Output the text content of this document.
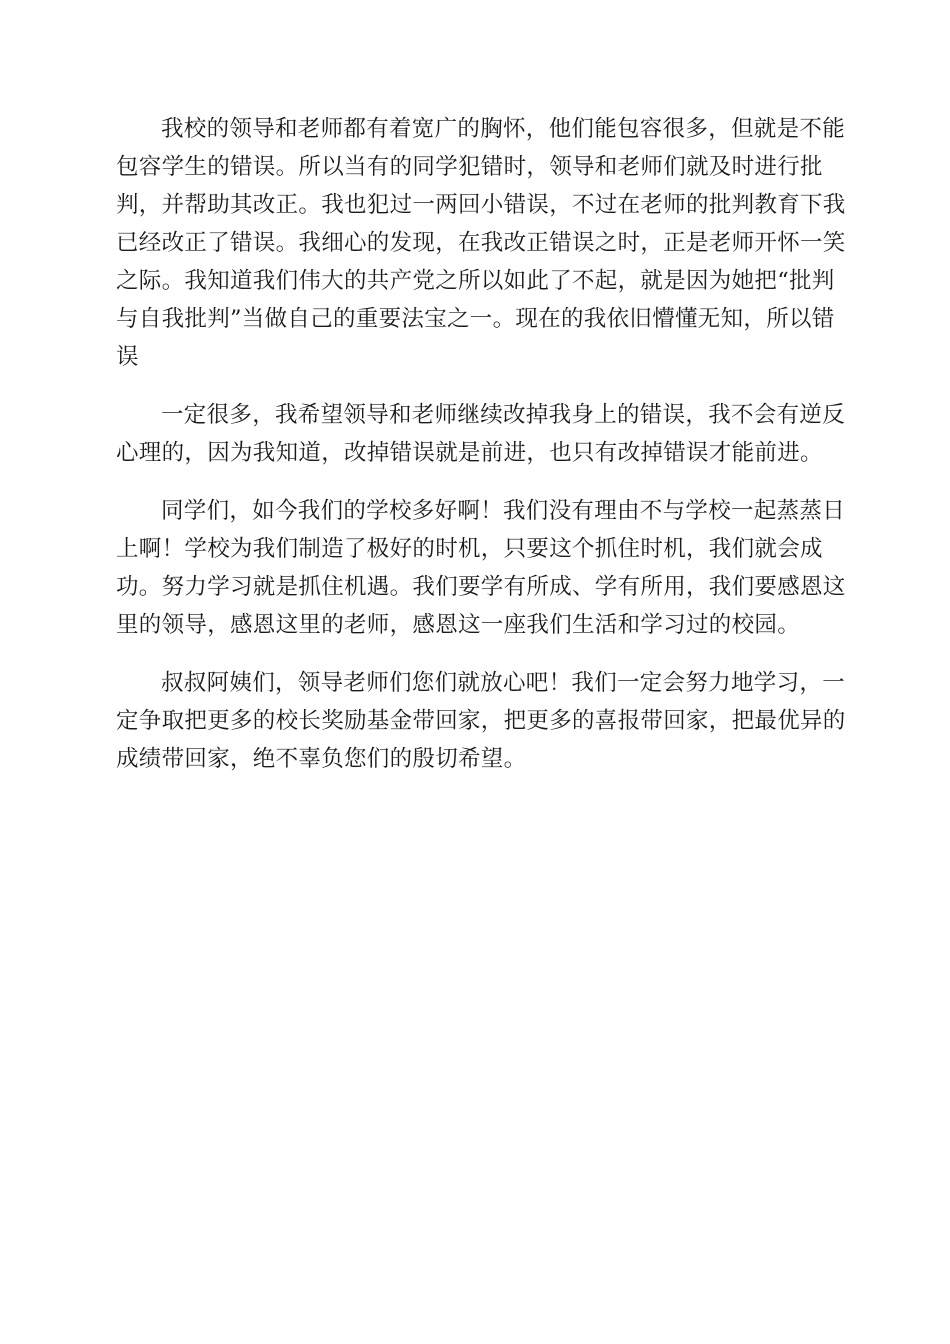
我校的领导和老师都有着宽广的胸怀，他们能包容很多，但就是不能
包容学生的错误。所以当有的同学犯错时，领导和老师们就及时进行批
判，并帮助其改正。我也犯过一两回小错误，不过在老师的批判教育下我
已经改正了错误。我细心的发现，在我改正错误之时，正是老师开怀一笑
之际。我知道我们伟大的共产党之所以如此了不起，就是因为她把“批判
与自我批判”当做自己的重要法宝之一。现在的我依旧懵懂无知，所以错
误

一定很多，我希望领导和老师继续改掉我身上的错误，我不会有逆反
心理的，因为我知道，改掉错误就是前进，也只有改掉错误才能前进。

同学们，如今我们的学校多好啊！我们没有理由不与学校一起蒸蒸日
上啊！学校为我们制造了极好的时机，只要这个抓住时机，我们就会成
功。努力学习就是抓住机遇。我们要学有所成、学有所用，我们要感恩这
里的领导，感恩这里的老师，感恩这一座我们生活和学习过的校园。

叔叔阿姨们，领导老师们您们就放心吧！我们一定会努力地学习，一
定争取把更多的校长奖励基金带回家，把更多的喜报带回家，把最优异的
成绩带回家，绝不辜负您们的殷切希望。
